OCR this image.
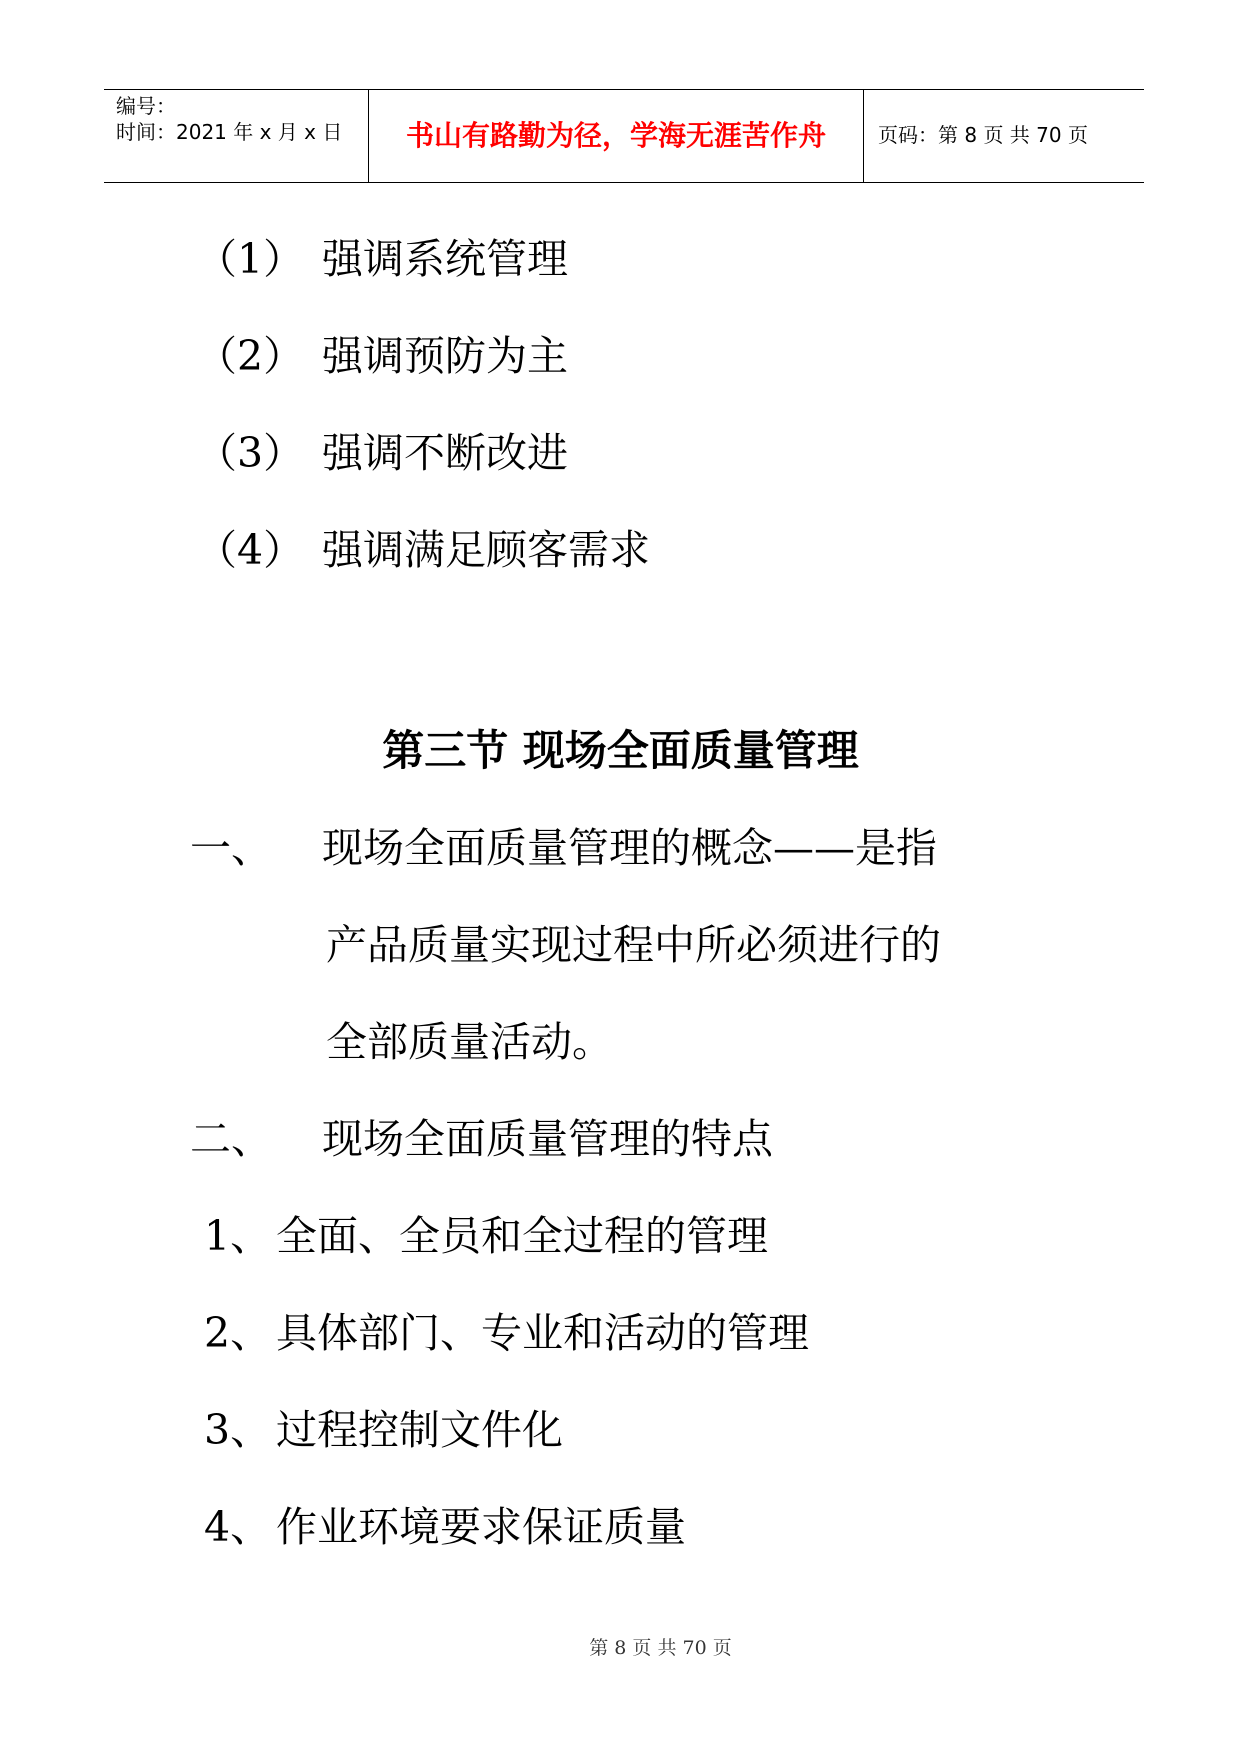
编号：
时间：2021 年 x 月 x 日	书山有路勤为径，学海无涯苦作舟	页码：第 8 页 共 70 页
（1） 强调系统管理
（2） 强调预防为主
（3） 强调不断改进
（4） 强调满足顾客需求
第三节 现场全面质量管理
一、 现场全面质量管理的概念——是指
产品质量实现过程中所必须进行的
全部质量活动。
二、 现场全面质量管理的特点
1、 全面、全员和全过程的管理
2、 具体部门、专业和活动的管理
3、 过程控制文件化
4、 作业环境要求保证质量
第 8 页 共 70 页
